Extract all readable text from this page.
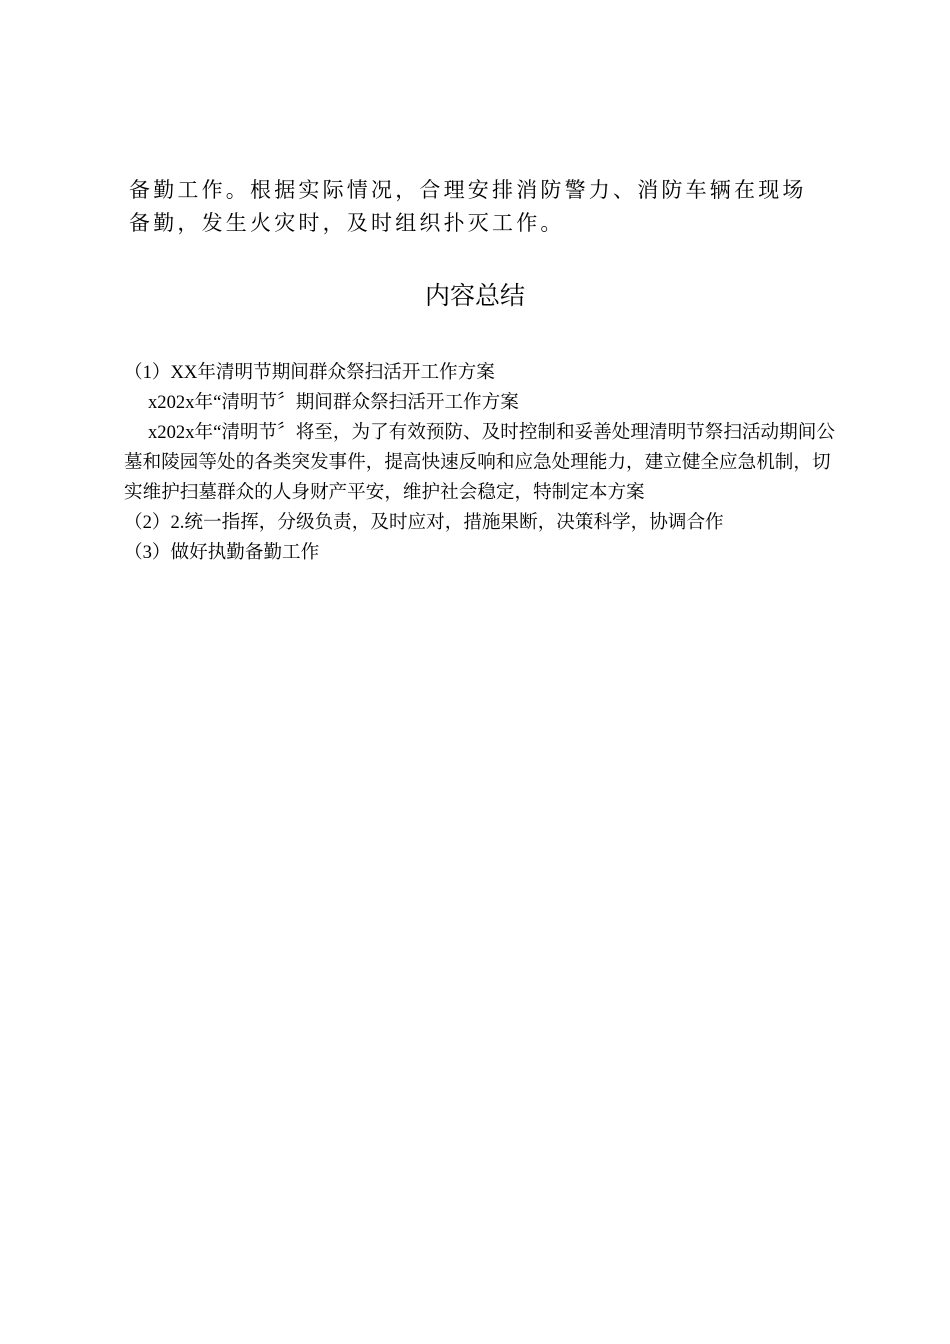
备勤工作。根据实际情况，合理安排消防警力、消防车辆在现场备勤，发生火灾时，及时组织扑灭工作。

内容总结

（1）XX年清明节期间群众祭扫活开工作方案

x202x年“清明节〞期间群众祭扫活开工作方案

x202x年“清明节〞将至，为了有效预防、及时控制和妥善处理清明节祭扫活动期间公墓和陵园等处的各类突发事件，提高快速反响和应急处理能力，建立健全应急机制，切实维护扫墓群众的人身财产平安，维护社会稳定，特制定本方案

（2）2.统一指挥，分级负责，及时应对，措施果断，决策科学，协调合作

（3）做好执勤备勤工作
